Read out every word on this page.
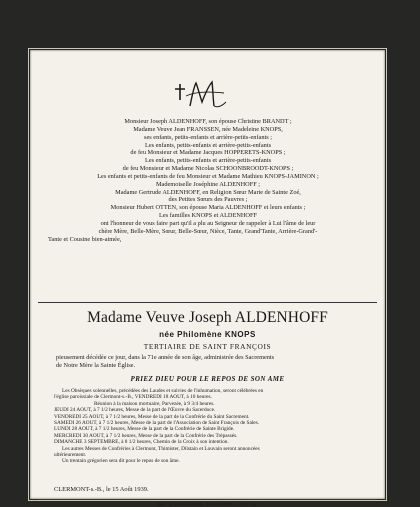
Monsieur Joseph ALDENHOFF, son épouse Christine BRANDT ;
Madame Veuve Jean FRANSSEN, née Madeleine KNOPS,
ses enfants, petits-enfants et arrière-petits-enfants ;
Les enfants, petits-enfants et arrière-petits-enfants
de feu Monsieur et Madame Jacques HOPPERETS-KNOPS ;
Les enfants, petits-enfants et arrière-petits-enfants
de feu Monsieur et Madame Nicolas SCHOONBROODT-KNOPS ;
Les enfants et petits-enfants de feu Monsieur et Madame Mathieu KNOPS-JAMINON ;
Mademoiselle Joséphine ALDENHOFF ;
Madame Gertrude ALDENHOFF, en Religion Sœur Marie de Sainte Zoé,
des Petites Sœurs des Pauvres ;
Monsieur Hubert OTTEN, son épouse Maria ALDENHOFF et leurs enfants ;
Les familles KNOPS et ALDENHOFF
ont l'honneur de vous faire part qu'il a plu au Seigneur de rappeler à Lui l'âme de leur
chère Mère, Belle-Mère, Sœur, Belle-Sœur, Nièce, Tante, Grand'Tante, Arrière-Grand'-
Tante et Cousine bien-aimée,
Madame Veuve Joseph ALDENHOFF
née Philomène KNOPS
TERTIAIRE DE SAINT FRANÇOIS
pieusement décédée ce jour, dans la 71e année de son âge, administrée des Sacrements
de Notre Mère la Sainte Église.
PRIEZ DIEU POUR LE REPOS DE SON AME
Les Obsèques solennelles, précédées des Laudes et suivies de l'inhumation, seront célébrées en
l'église paroissiale de Clermont-s.-B., VENDREDI 18 AOUT, à 10 heures.
Réunion à la maison mortuaire, Parvezée, à 9 3/4 heures.
JEUDI 24 AOUT, à 7 1/2 heures, Messe de la part de l'Œuvre du Sacerdoce.
VENDREDI 25 AOUT, à 7 1/2 heures, Messe de la part de la Confrérie du Saint Sacrement.
SAMEDI 26 AOUT, à 7 1/2 heures, Messe de la part de l'Association de Saint François de Sales.
LUNDI 28 AOUT, à 7 1/2 heures, Messe de la part de la Confrérie de Sainte Brigide.
MERCREDI 30 AOUT, à 7 1/2 heures, Messe de la part de la Confrérie des Trépassés.
DIMANCHE 3 SEPTEMBRE, à 8 1/2 heures, Chemin de la Croix à son intention.
Les autres Messes de Confréries à Clermont, Thimister, Dilstain et Louvain seront annoncées
ultérieurement.
Un trentain grégorien sera dit pour le repos de son âme.
CLERMONT-s.-B., le 15 Août 1939.
IMP. J. THOMASSIN, THIMISTER — TEL. 57
